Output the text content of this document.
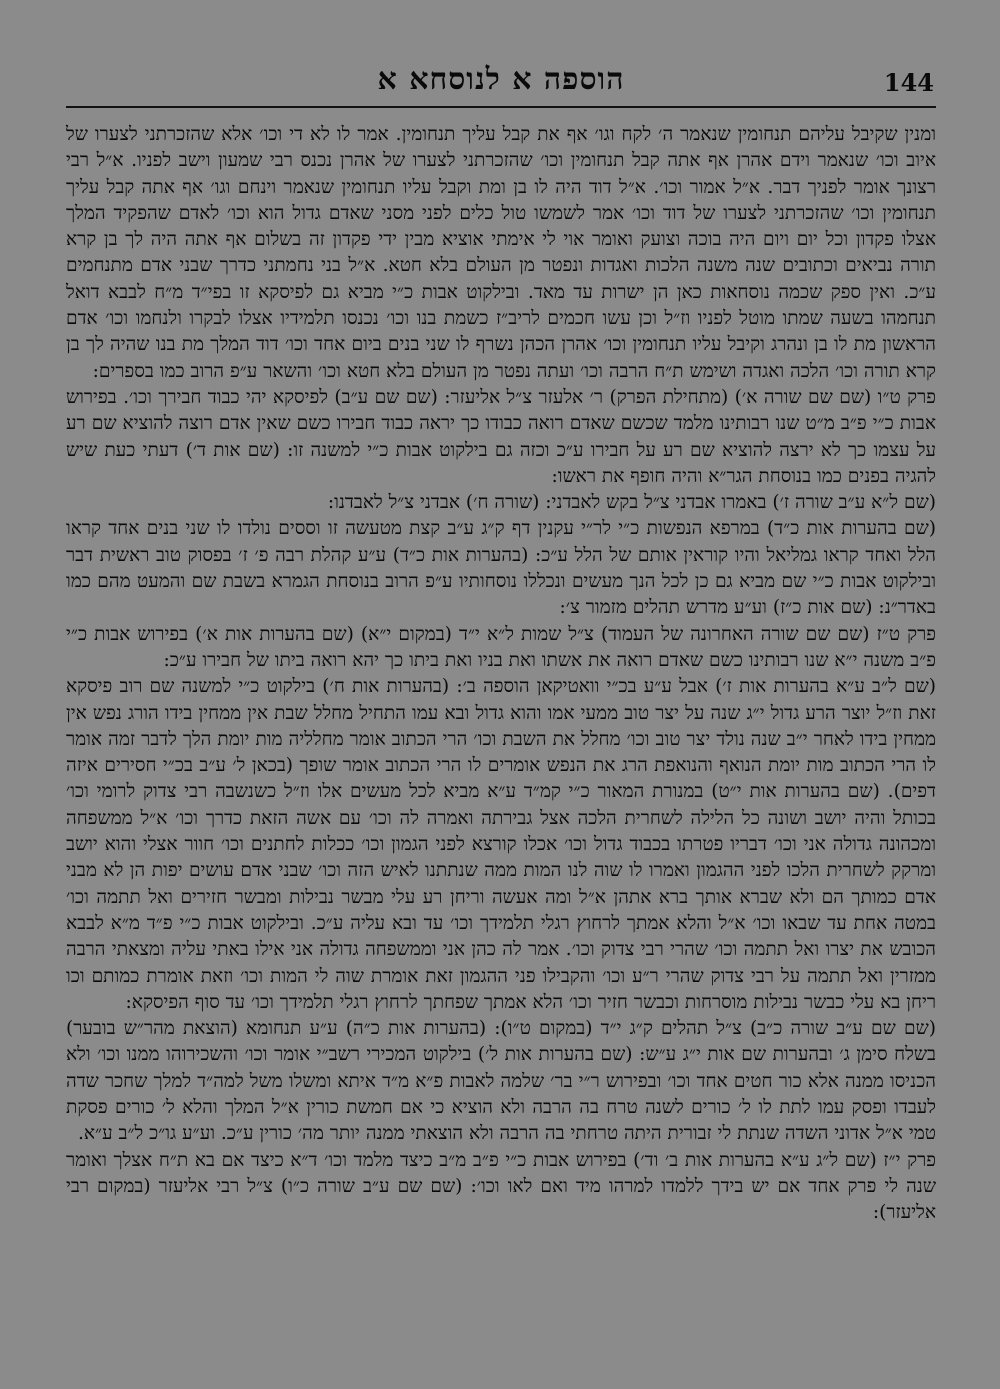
הוספה א לנוסחא א	144

ומנין שקיבל עליהם תנחומין שנאמר ה׳ לקח וגו׳ אף את קבל עליך תנחומין. אמר לו לא די וכו׳ אלא שהזכרתני לצערו של איוב וכו׳ שנאמר וידם אהרן אף אתה קבל תנחומין וכו׳ שהזכרתני לצערו של אהרן נכנס רבי שמעון וישב לפניו. א״ל רבי רצונך אומר לפניך דבר. א״ל אמור וכו׳. א״ל דוד היה לו בן ומת וקבל עליו תנחומין שנאמר וינחם וגו׳ אף אתה קבל עליך תנחומין וכו׳ שהזכרתני לצערו של דוד וכו׳ אמר לשמשו טול כלים לפני מסני שאדם גדול הוא וכו׳ לאדם שהפקיד המלך אצלו פקדון וכל יום ויום היה בוכה וצועק ואומר אוי לי אימתי אוציא מבין ידי פקדון זה בשלום אף אתה היה לך בן קרא תורה נביאים וכתובים שנה משנה הלכות ואגדות ונפטר מן העולם בלא חטא. א״ל בני נחמתני כדרך שבני אדם מתנחמים ע״כ. ואין ספק שכמה נוסחאות כאן הן ישרות עד מאד. ובילקוט אבות כ״י מביא גם לפיסקא זו בפי״ד מ״ח לבבא דואל תנחמהו בשעה שמתו מוטל לפניו וז״ל וכן עשו חכמים לריב״ז כשמת בנו וכו׳ נכנסו תלמידיו אצלו לבקרו ולנחמו וכו׳ אדם הראשון מת לו בן ונהרג וקיבל עליו תנחומין וכו׳ אהרן הכהן נשרף לו שני בנים ביום אחד וכו׳ דוד המלך מת בנו שהיה לך בן קרא תורה וכו׳ הלכה ואגדה ושימש ת״ח הרבה וכו׳ ועתה נפטר מן העולם בלא חטא וכו׳ והשאר ע״פ הרוב כמו בספרים:

פרק ט״ו (שם שם שורה א׳) (מתחילת הפרק) ר׳ אלעזר צ״ל אליעזר: (שם שם ע״ב) לפיסקא יהי כבוד חבירך וכו׳. בפירוש אבות כ״י פ״ב מ״ט שנו רבותינו מלמד שכשם שאדם רואה כבודו כך יראה כבוד חבירו כשם שאין אדם רוצה להוציא שם רע על עצמו כך לא ירצה להוציא שם רע על חבירו ע״כ וכזה גם בילקוט אבות כ״י למשנה זו: (שם אות ד׳) דעתי כעת שיש להגיה בפנים כמו בנוסחת הגר״א והיה חופף את ראשו:

(שם ל״א ע״ב שורה ז׳) באמרו אבדני צ״ל בקש לאבדני: (שורה ח׳) אבדני צ״ל לאבדנו:

(שם בהערות אות כ״ד) במרפא הנפשות כ״י לר״י עקנין דף ק״ג ע״ב קצת מטעשה זו וססים נולדו לו שני בנים אחד קראו הלל ואחד קראו גמליאל והיו קוראין אותם של הלל ע״כ: (בהערות אות כ״ד) ע״ע קהלת רבה פ׳ ז׳ בפסוק טוב ראשית דבר ובילקוט אבות כ״י שם מביא גם כן לכל הנך מעשים ונכללו נוסחותיו ע״פ הרוב בנוסחת הגמרא בשבת שם והמעט מהם כמו באדר״נ: (שם אות כ״ז) וע״ע מדרש תהלים מזמור צ׳:

פרק ט״ז (שם שם שורה האחרונה של העמוד) צ״ל שמות ל״א י״ד (במקום י״א) (שם בהערות אות א׳) בפירוש אבות כ״י פ״ב משנה י״א שנו רבותינו כשם שאדם רואה את אשתו ואת בניו ואת ביתו כך יהא רואה ביתו של חבירו ע״כ:

(שם ל״ב ע״א בהערות אות ז׳) אבל ע״ע בכ״י וואטיקאן הוספה ב׳: (בהערות אות ח׳) בילקוט כ״י למשנה שם רוב פיסקא זאת וז״ל יוצר הרע גדול י״ג שנה על יצר טוב ממעי אמו והוא גדול ובא עמו התחיל מחלל שבת אין ממחין בידו הורג נפש אין ממחין בידו לאחר י״ב שנה נולד יצר טוב וכו׳ מחלל את השבת וכו׳ הרי הכתוב אומר מחלליה מות יומת הלך לדבר זמה אומר לו הרי הכתוב מות יומת הנואף והנואפת הרג את הנפש אומרים לו הרי הכתוב אומר שופך (בכאן ל׳ ע״ב בכ״י חסירים איזה דפים). (שם בהערות אות י״ט) במנורת המאור כ״י קמ״ד ע״א מביא לכל מעשים אלו וז״ל כשנשבה רבי צדוק לרומי וכו׳ בכותל והיה יושב ושונה כל הלילה לשחרית הלכה אצל גבירתה ואמרה לה וכו׳ עם אשה הזאת כדרך וכו׳ א״ל ממשפחה ומכהונה גדולה אני וכו׳ דבריו פטרתו בכבוד גדול וכו׳ אכלו קורצא לפני הגמון וכו׳ ככלות לחתנים וכו׳ חוור אצלי והוא יושב ומרקק לשחרית הלכו לפני ההגמון ואמרו לו שוה לנו המות ממה שנתתנו לאיש הזה וכו׳ שבני אדם עושים יפות הן לא מבני אדם כמותך הם ולא שברא אותך ברא אתהן א״ל ומה אעשה וריחן רע עלי מבשר נבילות ומבשר חזירים ואל תתמה וכו׳ במטה אחת עד שבאו וכו׳ א״ל והלא אמתך לרחוץ רגלי תלמידך וכו׳ עד ובא עליה ע״כ. ובילקוט אבות כ״י פ״ד מ״א לבבא הכובש את יצרו ואל תתמה וכו׳ שהרי רבי צדוק וכו׳. אמר לה כהן אני וממשפחה גדולה אני אילו באתי עליה ומצאתי הרבה ממזרין ואל תתמה על רבי צדוק שהרי ר״ע וכו׳ והקבילו פני ההגמון זאת אומרת שוה לי המות וכו׳ וזאת אומרת כמותם וכו ריחן בא עלי כבשר נבילות מוסרחות וכבשר חזיר וכו׳ הלא אמתך שפחתך לרחוץ רגלי תלמידך וכו׳ עד סוף הפיסקא:

(שם שם ע״ב שורה כ״ב) צ״ל תהלים ק״ג י״ד (במקום ט״ו): (בהערות אות כ״ה) ע״ע תנחומא (הוצאת מהר״ש בובער) בשלח סימן ג׳ ובהערות שם אות י״ג ע״ש: (שם בהערות אות ל׳) בילקוט המכירי רשב״י אומר וכו׳ והשכירוהו ממנו וכו׳ ולא הכניסו ממנה אלא כור חטים אחד וכו׳ ובפירוש ר״י בר׳ שלמה לאבות פ״א מ״ד איתא ומשלו משל למה״ד למלך שחכר שדה לעבדו ופסק עמו לתת לו ל׳ כורים לשנה טרח בה הרבה ולא הוציא כי אם חמשת כורין א״ל המלך והלא ל׳ כורים פסקת טמי א״ל אדוני השדה שנתת לי זבורית היתה טרחתי בה הרבה ולא הוצאתי ממנה יותר מה׳ כורין ע״כ. וע״ע גו״כ ל״ב ע״א.

פרק י״ז (שם ל״ג ע״א בהערות אות ב׳ וד׳) בפירוש אבות כ״י פ״ב מ״ב כיצד מלמד וכו׳ ד״א כיצד אם בא ת״ח אצלך ואומר שנה לי פרק אחד אם יש בידך ללמדו למרהו מיד ואם לאו וכו׳: (שם שם ע״ב שורה כ״ו) צ״ל רבי אליעזר (במקום רבי אליעזר):
